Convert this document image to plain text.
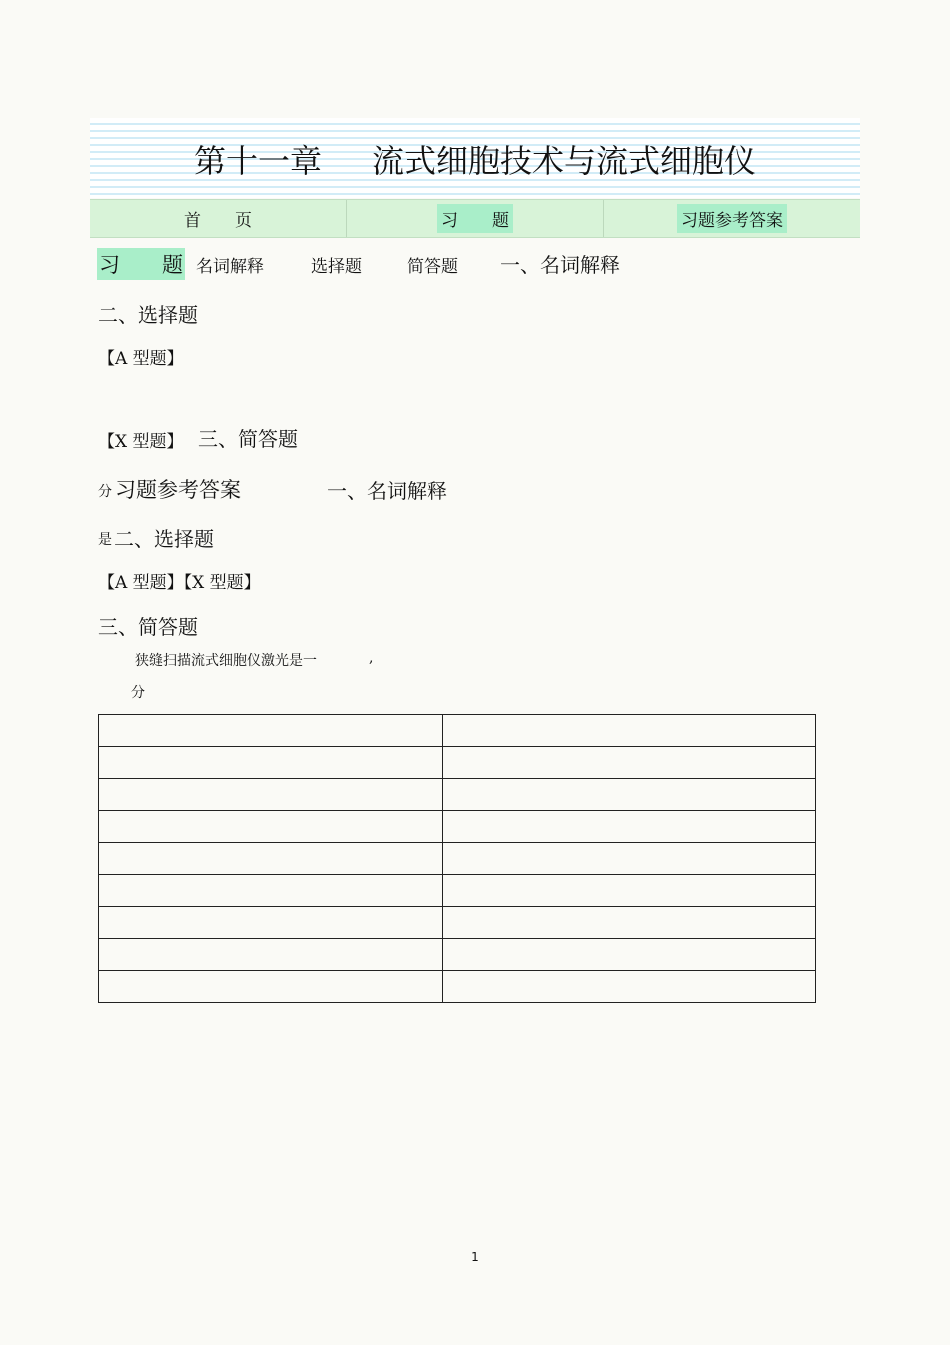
第十一章 流式细胞技术与流式细胞仪
首　　页	习　　题	习题参考答案
习　　题 名词解释	选择题	简答题 一、名词解释
二、选择题
【A 型题】
【X 型题】 三、简答题
分 习题参考答案	一、名词解释
是 二、选择题
【A 型题】【X 型题】
三、简答题
狭缝扫描流式细胞仪激光是一	,
分

1
